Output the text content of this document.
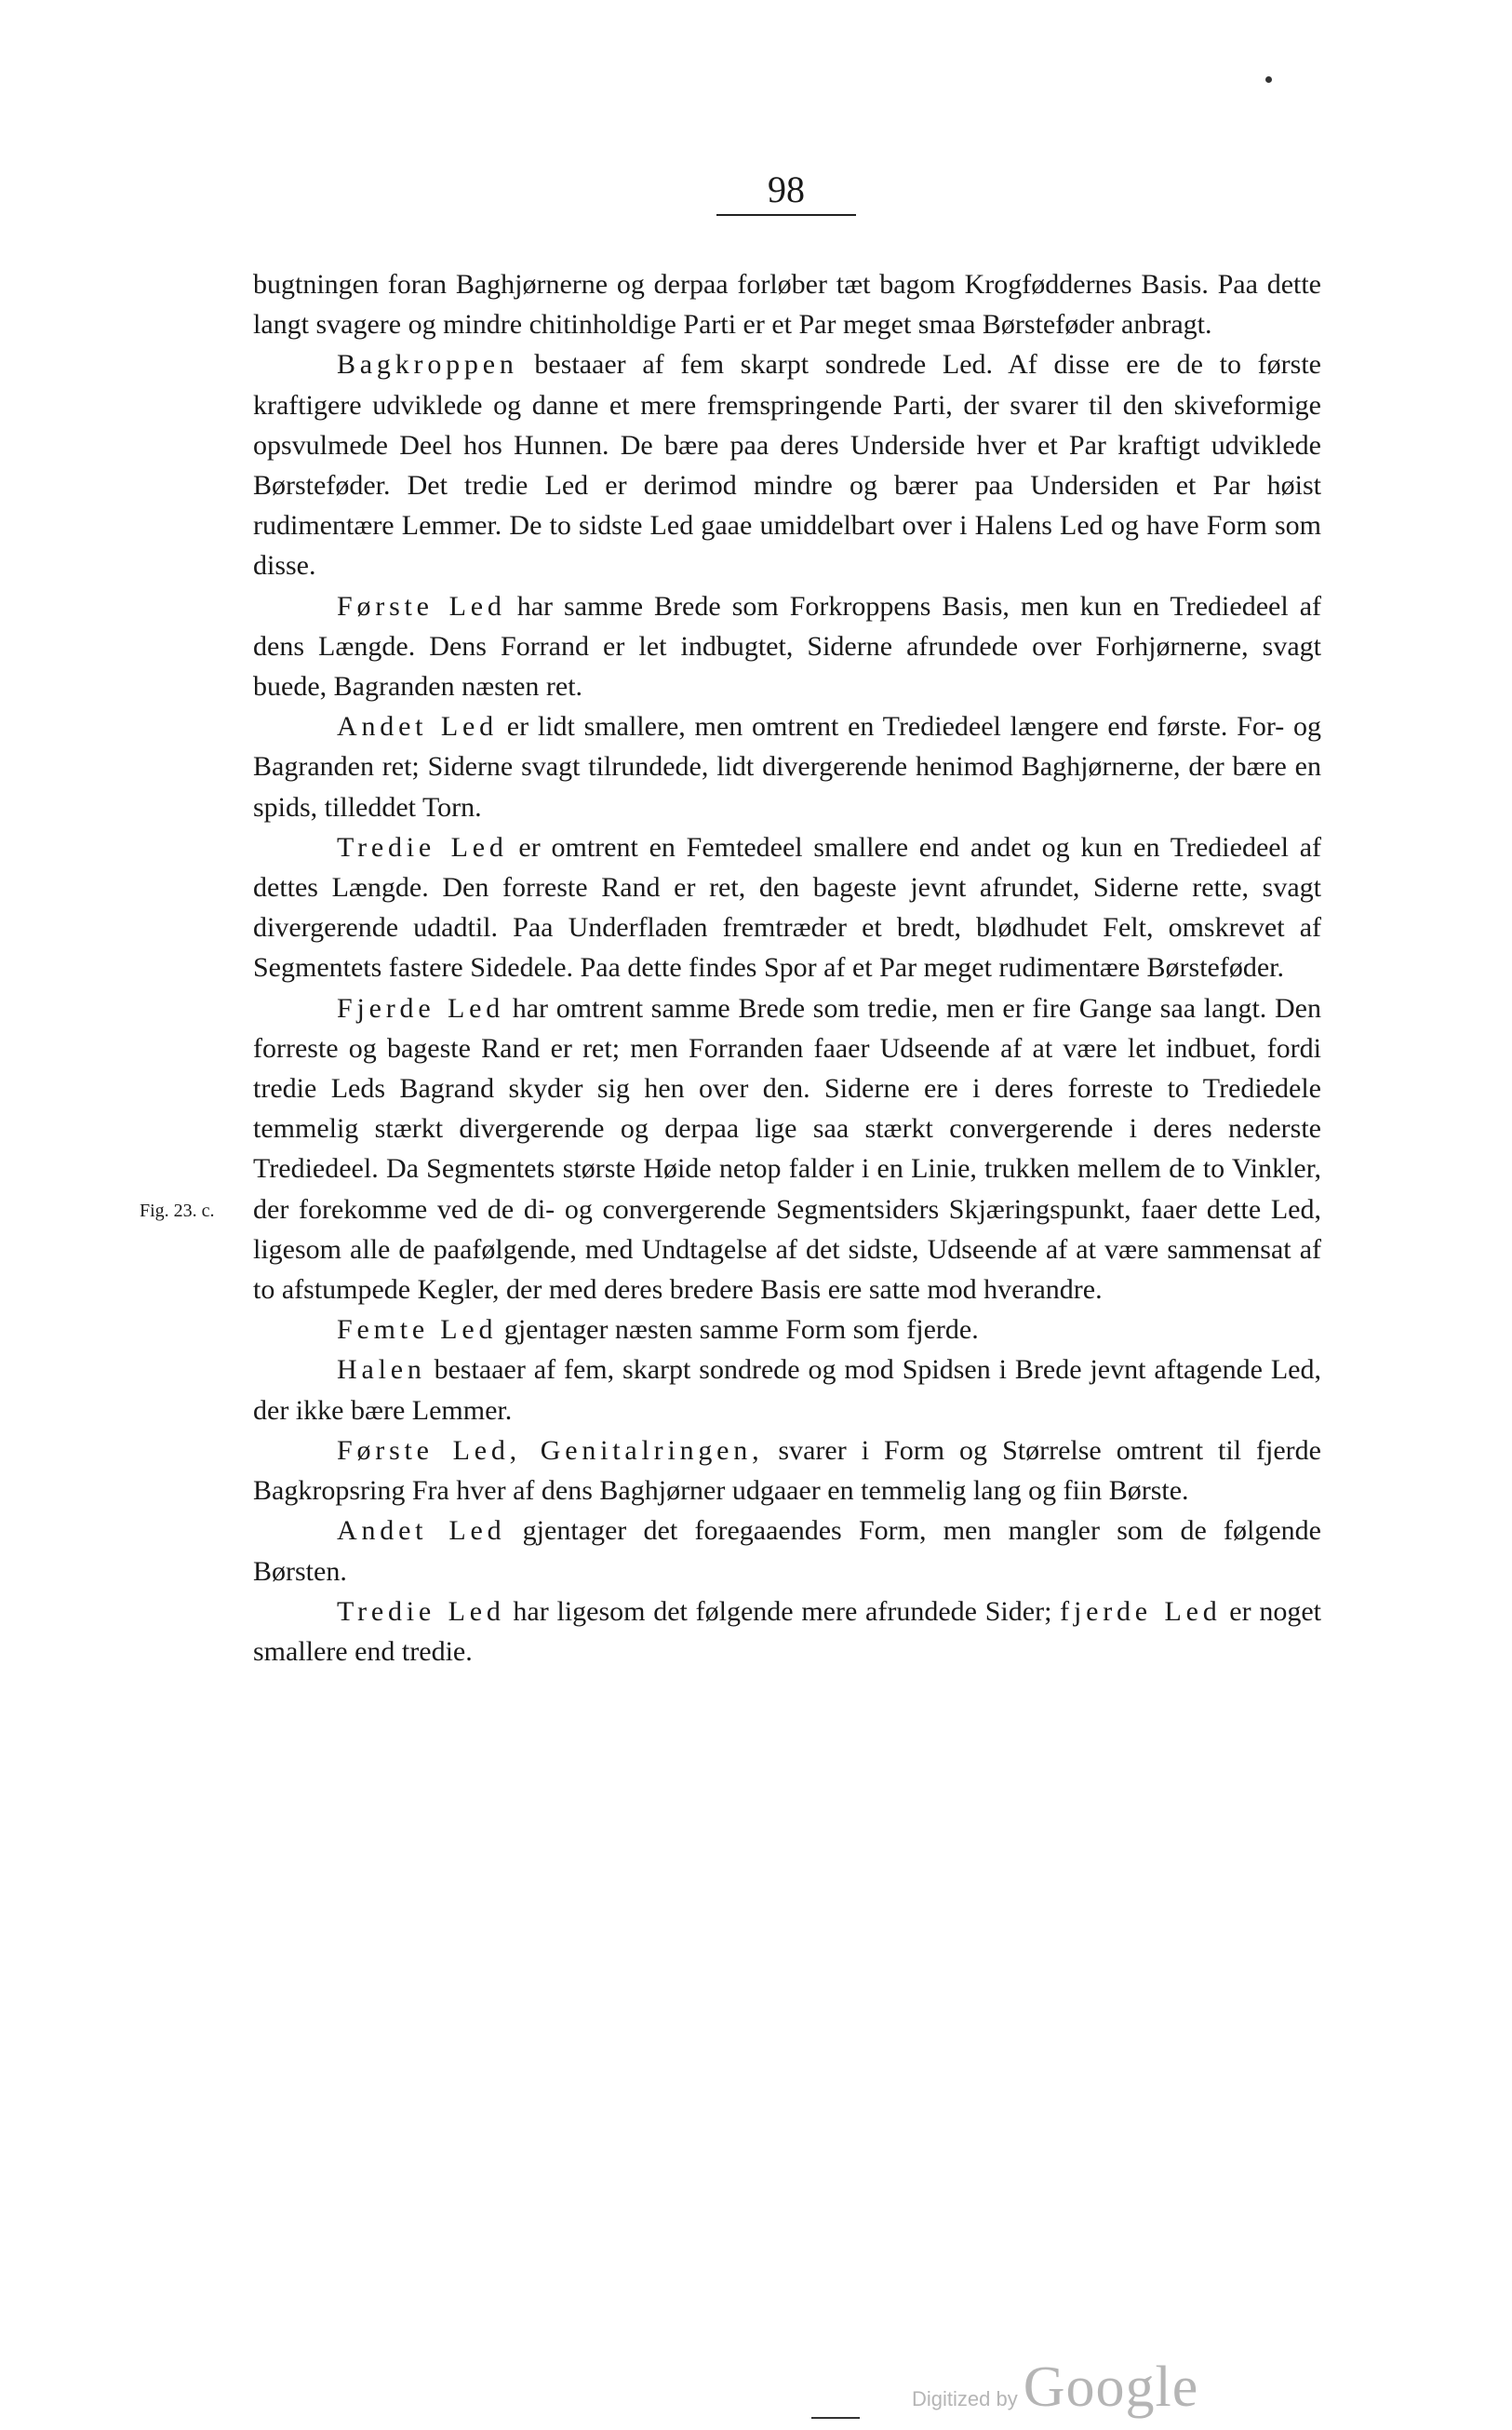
98
Fig. 23. c.

bugtningen foran Baghjørnerne og derpaa forløber tæt bagom Krogføddernes Basis. Paa dette langt svagere og mindre chitinholdige Parti er et Par meget smaa Børsteføder anbragt.

Bagkroppen bestaaer af fem skarpt sondrede Led. Af disse ere de to første kraftigere udviklede og danne et mere fremspringende Parti, der svarer til den skiveformige opsvulmede Deel hos Hunnen. De bære paa deres Underside hver et Par kraftigt udviklede Børsteføder. Det tredie Led er derimod mindre og bærer paa Undersiden et Par høist rudimentære Lemmer. De to sidste Led gaae umiddelbart over i Halens Led og have Form som disse.

Første Led har samme Brede som Forkroppens Basis, men kun en Trediedeel af dens Længde. Dens Forrand er let indbugtet, Siderne afrundede over Forhjørnerne, svagt buede, Bagranden næsten ret.

Andet Led er lidt smallere, men omtrent en Trediedeel længere end første. For- og Bagranden ret; Siderne svagt tilrundede, lidt divergerende henimod Baghjørnerne, der bære en spids, tilleddet Torn.

Tredie Led er omtrent en Femtedeel smallere end andet og kun en Trediedeel af dettes Længde. Den forreste Rand er ret, den bageste jevnt afrundet, Siderne rette, svagt divergerende udadtil. Paa Underfladen fremtræder et bredt, blødhudet Felt, omskrevet af Segmentets fastere Sidedele. Paa dette findes Spor af et Par meget rudimentære Børsteføder.

Fjerde Led har omtrent samme Brede som tredie, men er fire Gange saa langt. Den forreste og bageste Rand er ret; men Forranden faaer Udseende af at være let indbuet, fordi tredie Leds Bagrand skyder sig hen over den. Siderne ere i deres forreste to Trediedele temmelig stærkt divergerende og derpaa lige saa stærkt convergerende i deres nederste Trediedeel. Da Segmentets største Høide netop falder i en Linie, trukken mellem de to Vinkler, der forekomme ved de di- og convergerende Segmentsiders Skjæringspunkt, faaer dette Led, ligesom alle de paafølgende, med Undtagelse af det sidste, Udseende af at være sammensat af to afstumpede Kegler, der med deres bredere Basis ere satte mod hverandre.

Femte Led gjentager næsten samme Form som fjerde.

Halen bestaaer af fem, skarpt sondrede og mod Spidsen i Brede jevnt aftagende Led, der ikke bære Lemmer.

Første Led, Genitalringen, svarer i Form og Størrelse omtrent til fjerde Bagkropsring Fra hver af dens Baghjørner udgaaer en temmelig lang og fiin Børste.

Andet Led gjentager det foregaaendes Form, men mangler som de følgende Børsten.

Tredie Led har ligesom det følgende mere afrundede Sider; fjerde Led er noget smallere end tredie.

Digitized by Google
